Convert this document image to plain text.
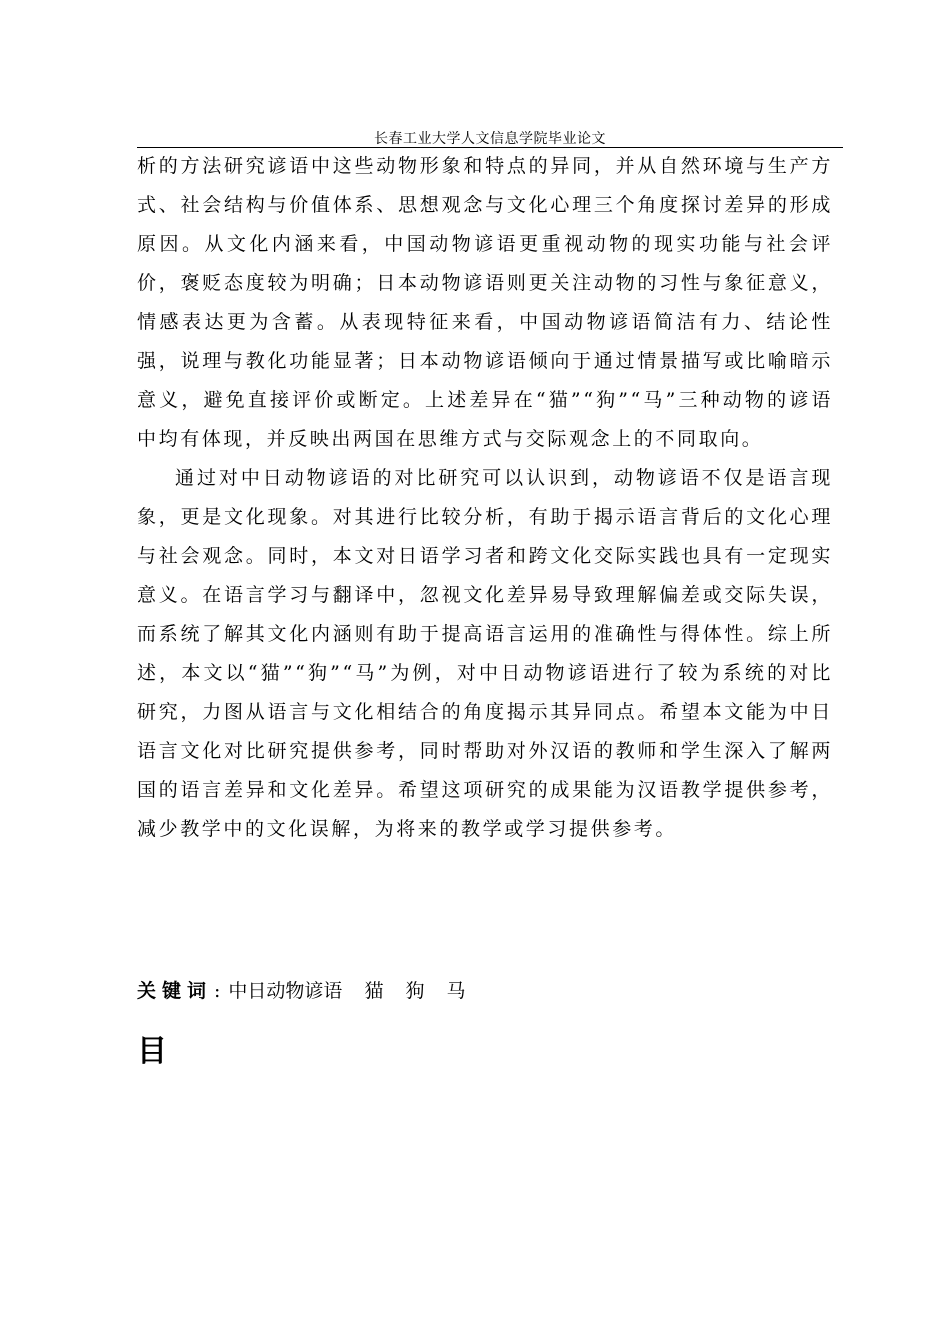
长春工业大学人文信息学院毕业论文

析的方法研究谚语中这些动物形象和特点的异同，并从自然环境与生产方式、社会结构与价值体系、思想观念与文化心理三个角度探讨差异的形成原因。从文化内涵来看，中国动物谚语更重视动物的现实功能与社会评价，褒贬态度较为明确；日本动物谚语则更关注动物的习性与象征意义，情感表达更为含蓄。从表现特征来看，中国动物谚语简洁有力、结论性强，说理与教化功能显著；日本动物谚语倾向于通过情景描写或比喻暗示意义，避免直接评价或断定。上述差异在“猫”“狗”“马”三种动物的谚语中均有体现，并反映出两国在思维方式与交际观念上的不同取向。

通过对中日动物谚语的对比研究可以认识到，动物谚语不仅是语言现象，更是文化现象。对其进行比较分析，有助于揭示语言背后的文化心理与社会观念。同时，本文对日语学习者和跨文化交际实践也具有一定现实意义。在语言学习与翻译中，忽视文化差异易导致理解偏差或交际失误，而系统了解其文化内涵则有助于提高语言运用的准确性与得体性。综上所述，本文以“猫”“狗”“马”为例，对中日动物谚语进行了较为系统的对比研究，力图从语言与文化相结合的角度揭示其异同点。希望本文能为中日语言文化对比研究提供参考，同时帮助对外汉语的教师和学生深入了解两国的语言差异和文化差异。希望这项研究的成果能为汉语教学提供参考，减少教学中的文化误解，为将来的教学或学习提供参考。

关键词 : 中日动物谚语 猫 狗 马
目
